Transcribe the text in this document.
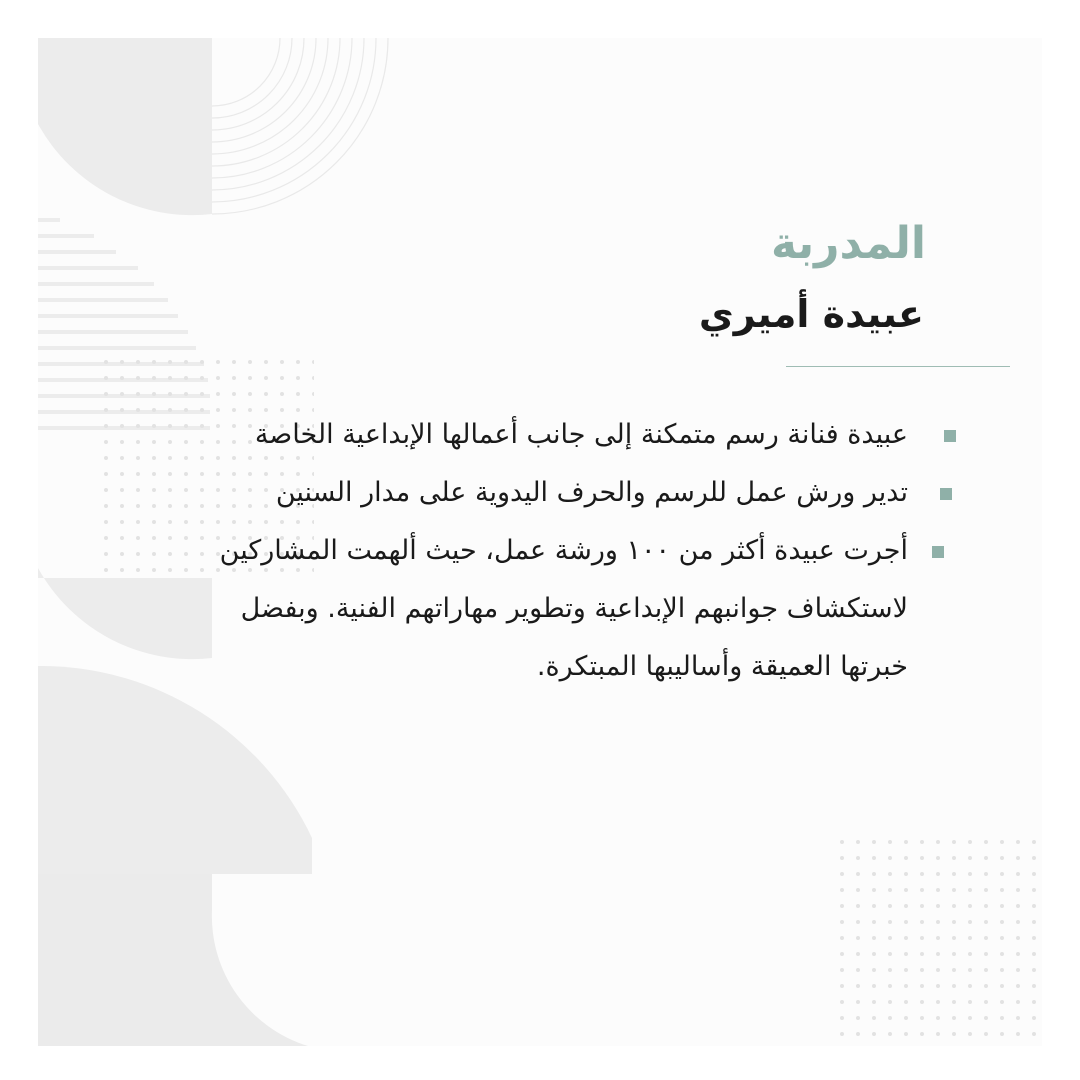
المدربة
عبيدة أميري
عبيدة فنانة رسم متمكنة إلى جانب أعمالها الإبداعية الخاصة
تدير ورش عمل للرسم والحرف اليدوية على مدار السنين
أجرت عبيدة أكثر من ١٠٠ ورشة عمل، حيث ألهمت المشاركين لاستكشاف جوانبهم الإبداعية وتطوير مهاراتهم الفنية. وبفضل خبرتها العميقة وأساليبها المبتكرة.
